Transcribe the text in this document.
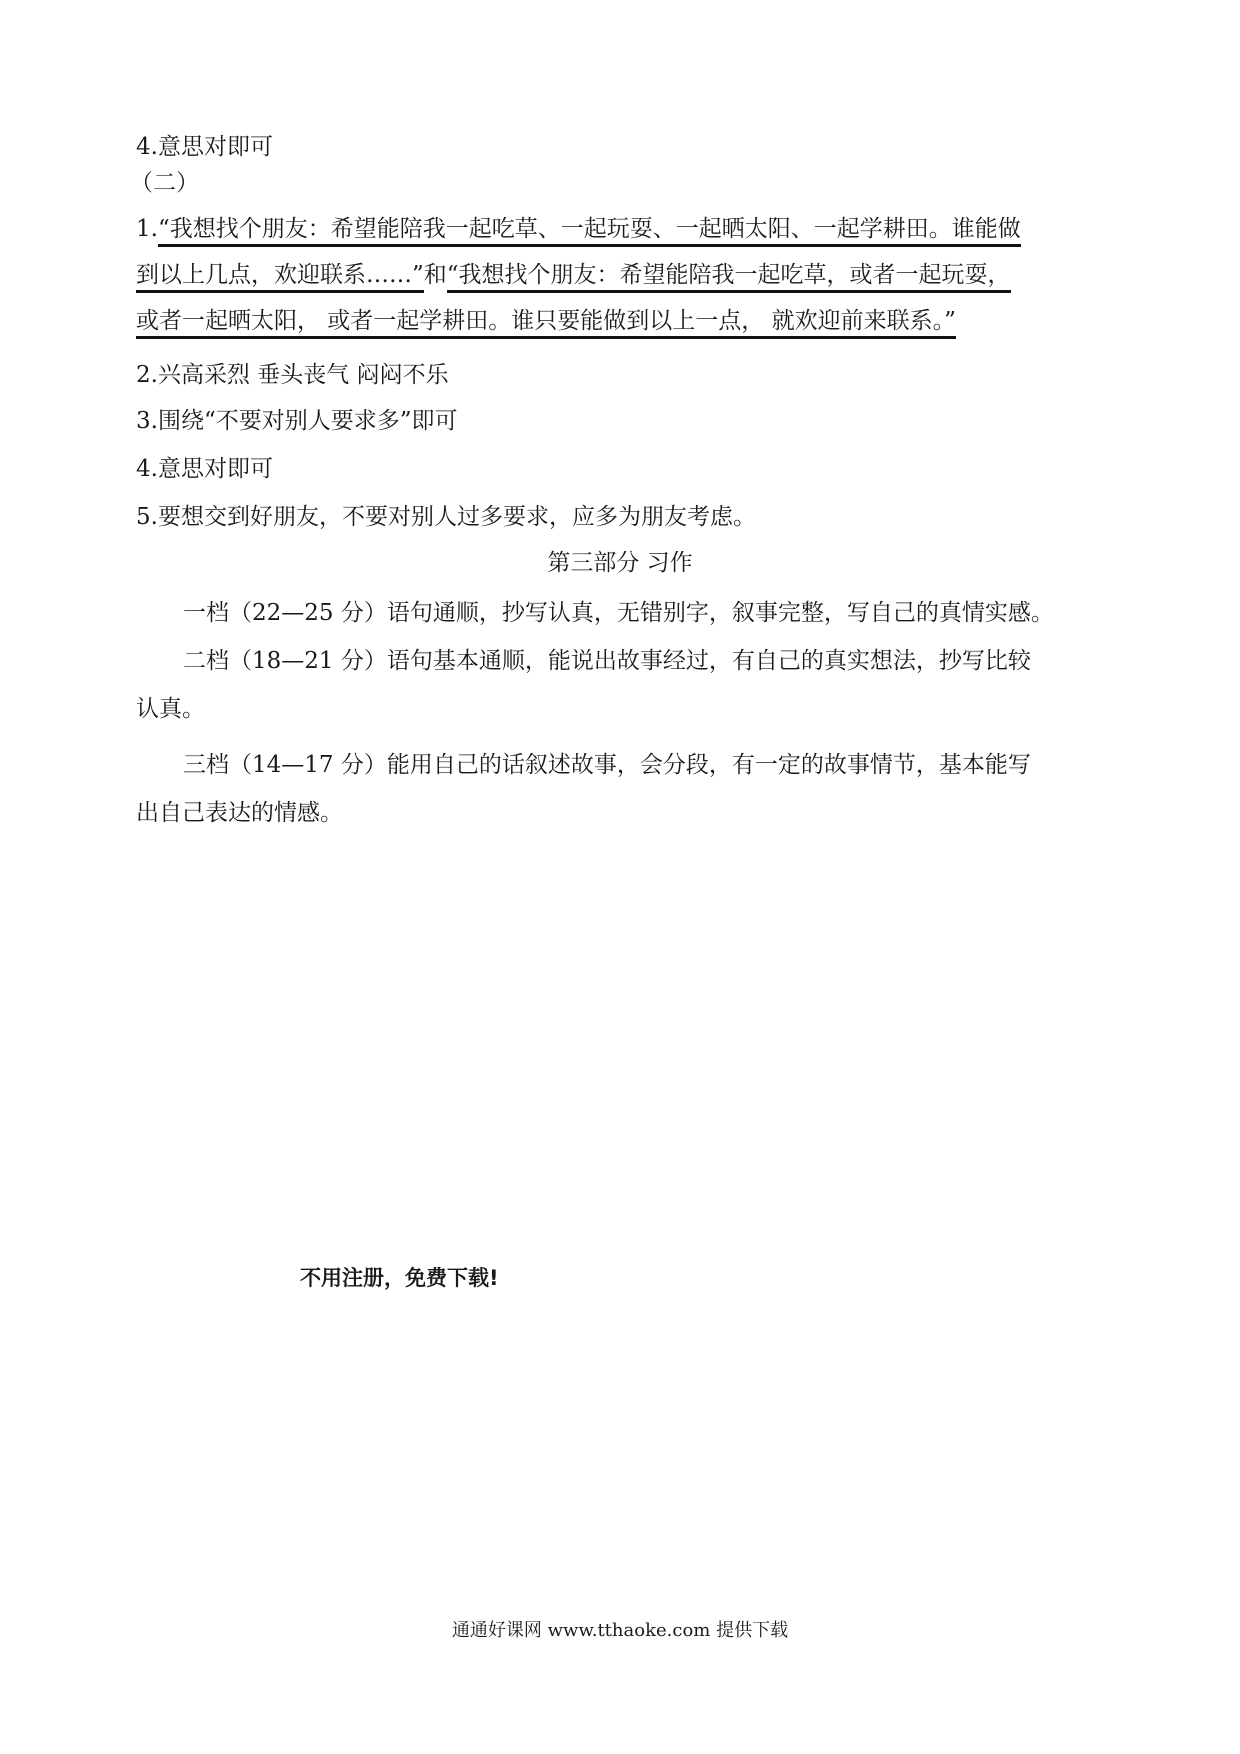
4.意思对即可
（二）
1.“我想找个朋友：希望能陪我一起吃草、一起玩耍、一起晒太阳、一起学耕田。谁能做
到以上几点，欢迎联系……”和“我想找个朋友：希望能陪我一起吃草，或者一起玩耍，
或者一起晒太阳， 或者一起学耕田。谁只要能做到以上一点， 就欢迎前来联系。”
2.兴高采烈 垂头丧气 闷闷不乐
3.围绕“不要对别人要求多”即可
4.意思对即可
5.要想交到好朋友，不要对别人过多要求，应多为朋友考虑。
第三部分 习作
一档（22—25 分）语句通顺，抄写认真，无错别字，叙事完整，写自己的真情实感。
二档（18—21 分）语句基本通顺，能说出故事经过，有自己的真实想法，抄写比较
认真。
三档（14—17 分）能用自己的话叙述故事，会分段，有一定的故事情节，基本能写
出自己表达的情感。
不用注册，免费下载!
通通好课网 www.tthaoke.com 提供下载
